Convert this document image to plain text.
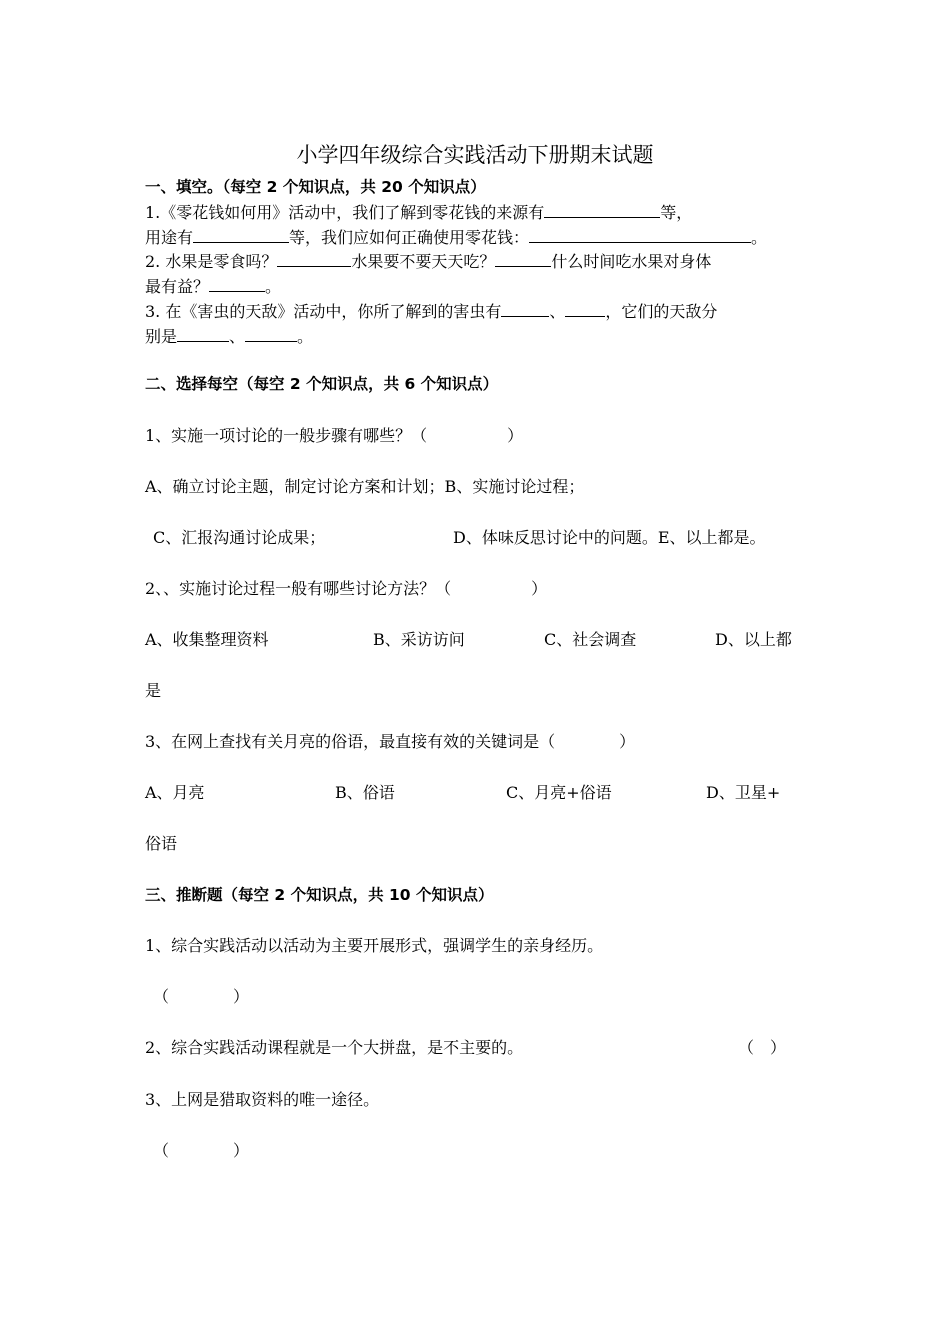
小学四年级综合实践活动下册期末试题
一、填空。（每空 2 个知识点，共 20 个知识点）
1.《零花钱如何用》活动中，我们了解到零花钱的来源有	等，
用途有	等，我们应如何正确使用零花钱：	。
2. 水果是零食吗？	水果要不要天天吃？	什么时间吃水果对身体
最有益？	。
3. 在《害虫的天敌》活动中，你所了解到的害虫有	、	，它们的天敌分
别是	、	。
二、选择每空（每空 2 个知识点，共 6 个知识点）
1、实施一项讨论的一般步骤有哪些？（　　　　　）
A、确立讨论主题，制定讨论方案和计划；B、实施讨论过程；
C、汇报沟通讨论成果；	D、体味反思讨论中的问题。E、以上都是。
2、、实施讨论过程一般有哪些讨论方法？（　　　　　）
A、收集整理资料	B、采访访问	C、社会调查	D、以上都
是
3、在网上查找有关月亮的俗语，最直接有效的关键词是（　　　　）
A、月亮	B、俗语	C、月亮+俗语	D、卫星+
俗语
三、推断题（每空 2 个知识点，共 10 个知识点）
1、综合实践活动以活动为主要开展形式，强调学生的亲身经历。
（　　　　）
2、综合实践活动课程就是一个大拼盘，是不主要的。	（　）
3、上网是猎取资料的唯一途径。
（　　　　）
